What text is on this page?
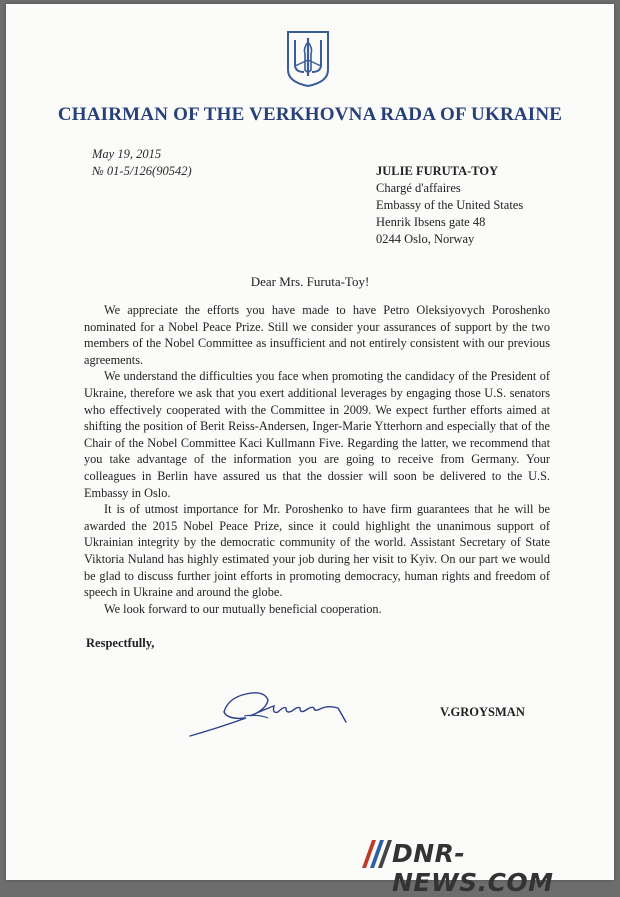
CHAIRMAN OF THE VERKHOVNA RADA OF UKRAINE
May 19, 2015
№ 01-5/126(90542)	JULIE FURUTA-TOY
Chargé d'affaires
Embassy of the United States
Henrik Ibsens gate 48
0244 Oslo, Norway
Dear Mrs. Furuta-Toy!

We appreciate the efforts you have made to have Petro Oleksiyovych Poroshenko nominated for a Nobel Peace Prize. Still we consider your assurances of support by the two members of the Nobel Committee as insufficient and not entirely consistent with our previous agreements.

We understand the difficulties you face when promoting the candidacy of the President of Ukraine, therefore we ask that you exert additional leverages by engaging those U.S. senators who effectively cooperated with the Committee in 2009. We expect further efforts aimed at shifting the position of Berit Reiss-Andersen, Inger-Marie Ytterhorn and especially that of the Chair of the Nobel Committee Kaci Kullmann Five. Regarding the latter, we recommend that you take advantage of the information you are going to receive from Germany. Your colleagues in Berlin have assured us that the dossier will soon be delivered to the U.S. Embassy in Oslo.

It is of utmost importance for Mr. Poroshenko to have firm guarantees that he will be awarded the 2015 Nobel Peace Prize, since it could highlight the unanimous support of Ukrainian integrity by the democratic community of the world. Assistant Secretary of State Viktoria Nuland has highly estimated your job during her visit to Kyiv. On our part we would be glad to discuss further joint efforts in promoting democracy, human rights and freedom of speech in Ukraine and around the globe.

We look forward to our mutually beneficial cooperation.

Respectfully,
V.GROYSMAN
DNR-NEWS.COM
